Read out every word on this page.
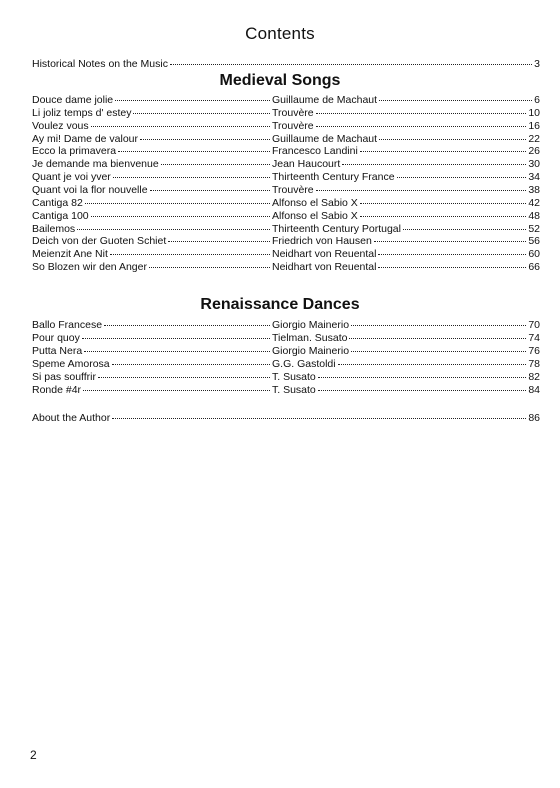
Contents
Historical Notes on the Music	3
Medieval Songs
Douce dame jolie	Guillaume de Machaut	6
Li joliz temps d' estey	Trouvère	10
Voulez vous	Trouvère	16
Ay mi! Dame de valour	Guillaume de Machaut	22
Ecco la primavera	Francesco Landini	26
Je demande ma bienvenue	Jean Haucourt	30
Quant je voi yver	Thirteenth Century France	34
Quant voi la flor nouvelle	Trouvère	38
Cantiga 82	Alfonso el Sabio X	42
Cantiga 100	Alfonso el Sabio X	48
Bailemos	Thirteenth Century Portugal	52
Deich von der Guoten Schiet	Friedrich von Hausen	56
Meienzit Ane Nit	Neidhart von Reuental	60
So Blozen wir den Anger	Neidhart von Reuental	66
Renaissance Dances
Ballo Francese	Giorgio Mainerio	70
Pour quoy	Tielman. Susato	74
Putta Nera	Giorgio Mainerio	76
Speme Amorosa	G.G. Gastoldi	78
Si pas souffrir	T. Susato	82
Ronde #4r	T. Susato	84
About the Author	86
2
